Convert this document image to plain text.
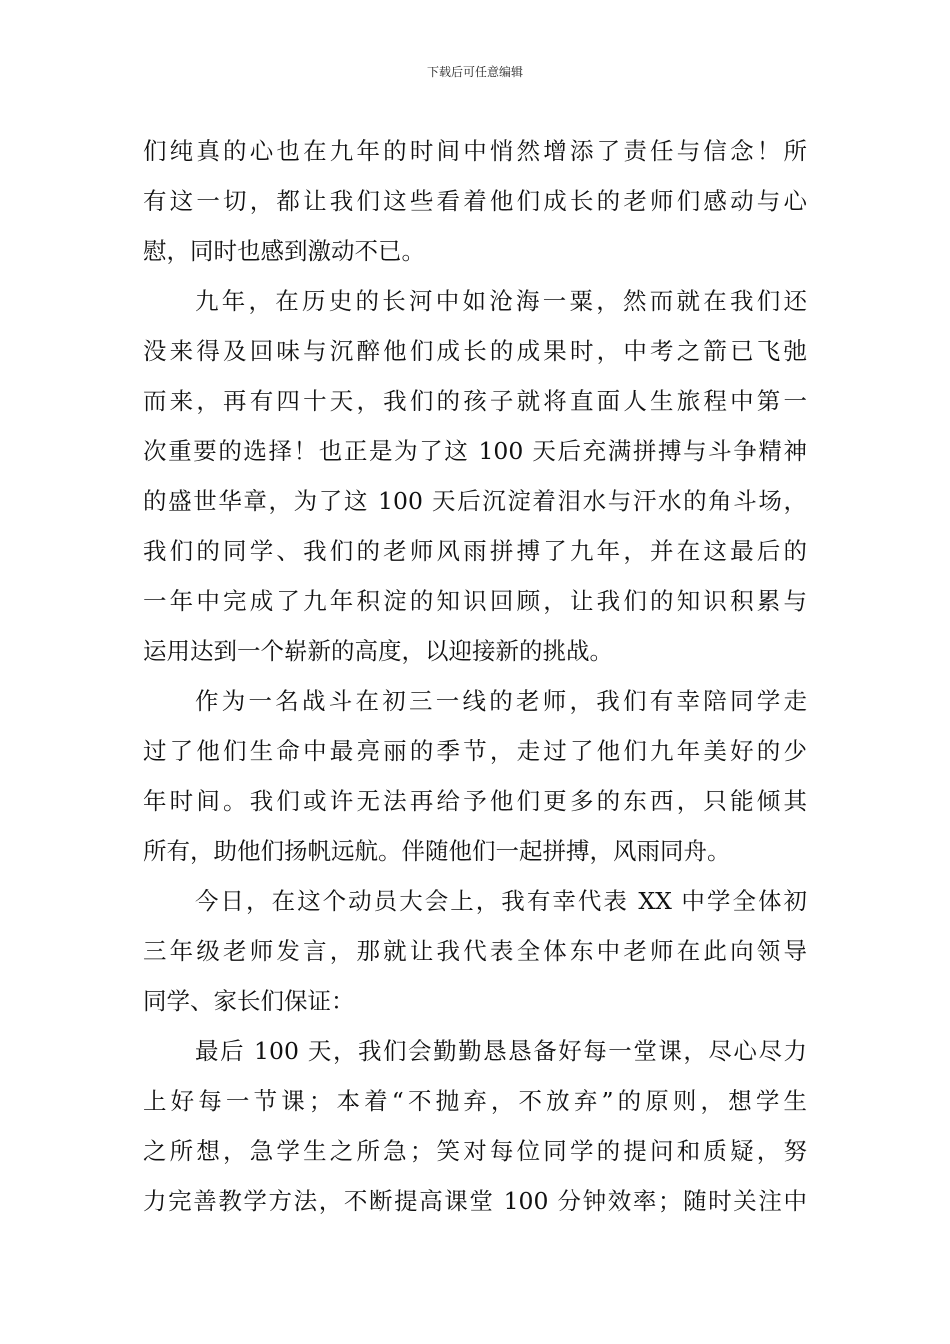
下载后可任意编辑
们纯真的心也在九年的时间中悄然增添了责任与信念！所
有这一切，都让我们这些看着他们成长的老师们感动与心
慰，同时也感到激动不已。
九年，在历史的长河中如沧海一粟，然而就在我们还
没来得及回味与沉醉他们成长的成果时，中考之箭已飞弛
而来，再有四十天，我们的孩子就将直面人生旅程中第一
次重要的选择！也正是为了这 100 天后充满拼搏与斗争精神
的盛世华章，为了这 100 天后沉淀着泪水与汗水的角斗场，
我们的同学、我们的老师风雨拼搏了九年，并在这最后的
一年中完成了九年积淀的知识回顾，让我们的知识积累与
运用达到一个崭新的高度，以迎接新的挑战。
作为一名战斗在初三一线的老师，我们有幸陪同学走
过了他们生命中最亮丽的季节，走过了他们九年美好的少
年时间。我们或许无法再给予他们更多的东西，只能倾其
所有，助他们扬帆远航。伴随他们一起拼搏，风雨同舟。
今日，在这个动员大会上，我有幸代表 XX 中学全体初
三年级老师发言，那就让我代表全体东中老师在此向领导
同学、家长们保证：
最后 100 天，我们会勤勤恳恳备好每一堂课，尽心尽力
上好每一节课；本着“不抛弃，不放弃”的原则，想学生
之所想，急学生之所急；笑对每位同学的提问和质疑，努
力完善教学方法，不断提高课堂 100 分钟效率；随时关注中
